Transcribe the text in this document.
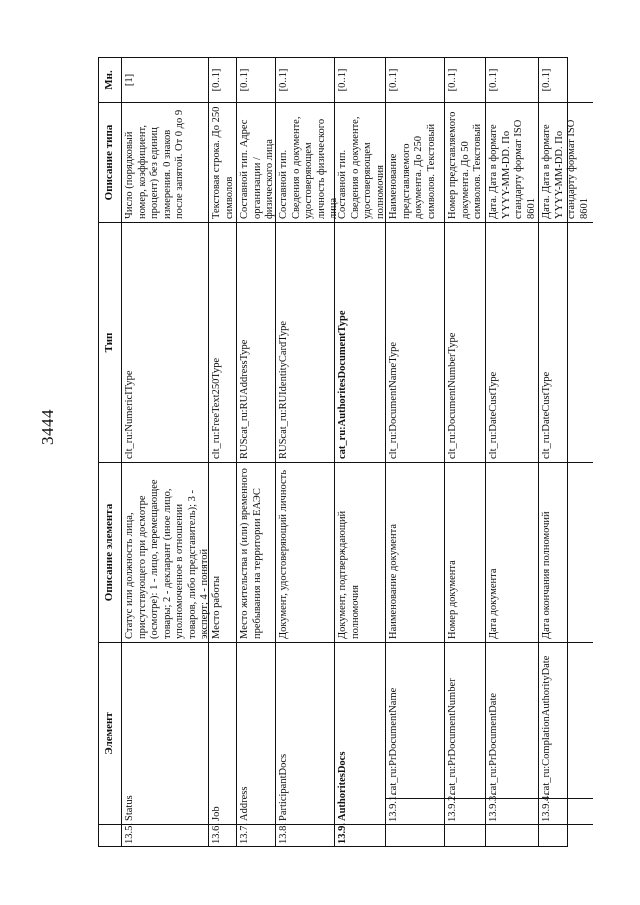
3444
Элемент
Описание элемента
Тип
Описание типа
Мн.
13.5.
Status
Статус или должность лица, присутствующего при досмотре (осмотре): 1 - лицо, перемещающее товары; 2 - декларант (иное лицо, уполномоченное в отношении товаров, либо представитель); 3 - эксперт; 4 - понятой
clt_ru:NumericIType
Число (порядковый номер, коэффициент, процент) без единиц измерения. 0 знаков после запятой. От 0 до 9
[1]
13.6.
Job
Место работы
clt_ru:FreeText250Type
Текстовая строка. До 250 символов
[0..1]
13.7.
Address
Место жительства и (или) временного пребывания на территории ЕАЭС
RUScat_ru:RUAddressType
Составной тип. Адрес организации / физического лица
[0..1]
13.8.
ParticipantDocs
Документ, удостоверяющий личность
RUScat_ru:RUIdentityCardType
Составной тип. Сведения о документе, удостоверяющем личность физического лица
[0..1]
13.9.
AuthoritesDocs
Документ, подтверждающий полномочия
cat_ru:AuthoritesDocumentType
Составной тип. Сведения о документе, удостоверяющем полномочия
[0..1]
13.9.1.
cat_ru:PrDocumentName
Наименование документа
clt_ru:DocumentNameType
Наименование представляемого документа. До 250 символов. Текстовый
[0..1]
13.9.2.
cat_ru:PrDocumentNumber
Номер документа
clt_ru:DocumentNumberType
Номер представляемого документа. До 50 символов. Текстовый
[0..1]
13.9.3.
cat_ru:PrDocumentDate
Дата документа
clt_ru:DateCustType
Дата. Дата в формате YYYY-MM-DD. По стандарту формат ISO 8601
[0..1]
13.9.4.
cat_ru:ComplationAuthorityDate
Дата окончания полномочий
clt_ru:DateCustType
Дата. Дата в формате YYYY-MM-DD. По стандарту формат ISO 8601
[0..1]
